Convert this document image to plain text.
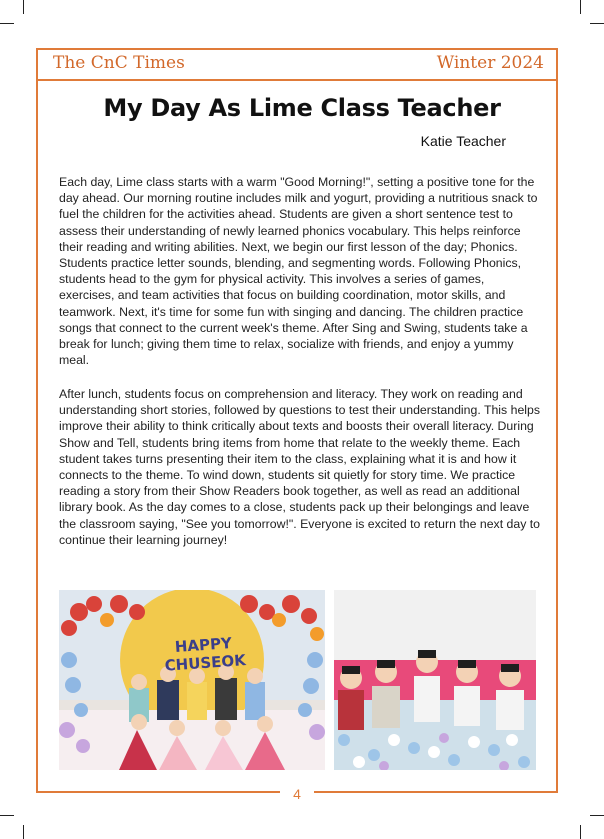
The CnC Times	Winter 2024
My Day As Lime Class Teacher
Katie Teacher

Each day, Lime class starts with a warm "Good Morning!", setting a positive tone for the day ahead. Our morning routine includes milk and yogurt, providing a nutritious snack to fuel the children for the activities ahead. Students are given a short sentence test to assess their understanding of newly learned phonics vocabulary. This helps reinforce their reading and writing abilities. Next, we begin our first lesson of the day; Phonics. Students practice letter sounds, blending, and segmenting words. Following Phonics, students head to the gym for physical activity. This involves a series of games, exercises, and team activities that focus on building coordination, motor skills, and teamwork. Next, it's time for some fun with singing and dancing. The children practice songs that connect to the current week's theme. After Sing and Swing, students take a break for lunch; giving them time to relax, socialize with friends, and enjoy a yummy meal.

After lunch, students focus on comprehension and literacy. They work on reading and understanding short stories, followed by questions to test their understanding. This helps improve their ability to think critically about texts and boosts their overall literacy. During Show and Tell, students bring items from home that relate to the weekly theme. Each student takes turns presenting their item to the class, explaining what it is and how it connects to the theme. To wind down, students sit quietly for story time. We practice reading a story from their Show Readers book together, as well as read an additional library book. As the day comes to a close, students pack up their belongings and leave the classroom saying, "See you tomorrow!". Everyone is excited to return the next day to continue their learning journey!

HAPPY CHUSEOK
4
